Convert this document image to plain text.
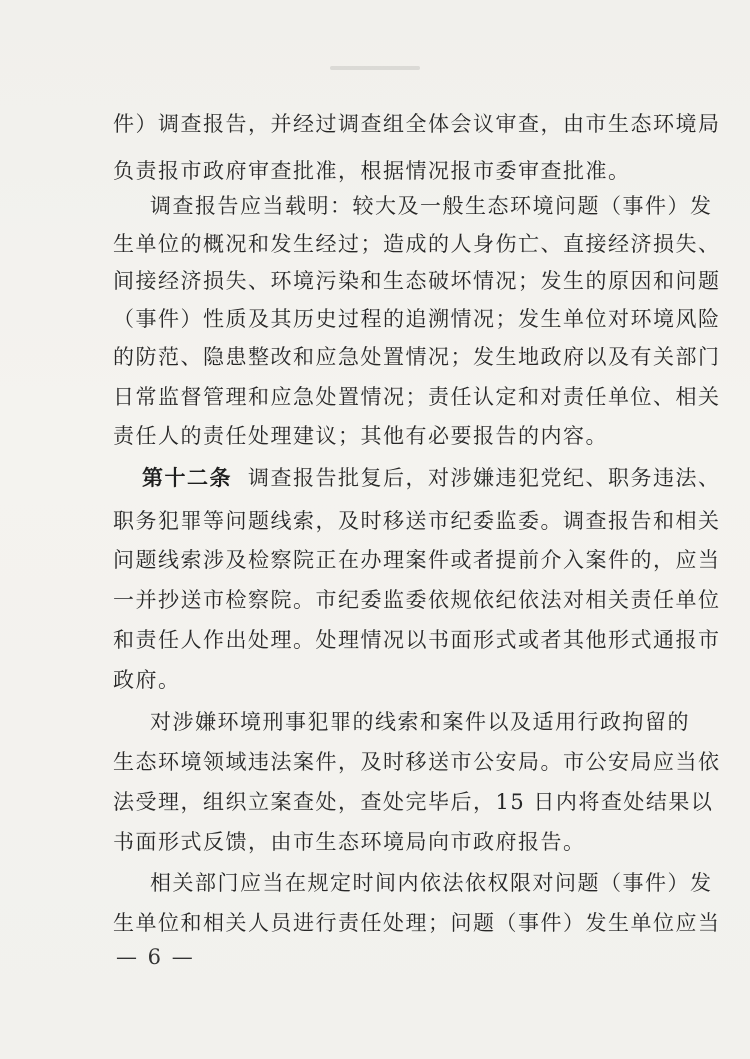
件）调查报告，并经过调查组全体会议审查，由市生态环境局
负责报市政府审查批准，根据情况报市委审查批准。
调查报告应当载明：较大及一般生态环境问题（事件）发
生单位的概况和发生经过；造成的人身伤亡、直接经济损失、
间接经济损失、环境污染和生态破坏情况；发生的原因和问题
（事件）性质及其历史过程的追溯情况；发生单位对环境风险
的防范、隐患整改和应急处置情况；发生地政府以及有关部门
日常监督管理和应急处置情况；责任认定和对责任单位、相关
责任人的责任处理建议；其他有必要报告的内容。
第十二条 调查报告批复后，对涉嫌违犯党纪、职务违法、
职务犯罪等问题线索，及时移送市纪委监委。调查报告和相关
问题线索涉及检察院正在办理案件或者提前介入案件的，应当
一并抄送市检察院。市纪委监委依规依纪依法对相关责任单位
和责任人作出处理。处理情况以书面形式或者其他形式通报市
政府。
对涉嫌环境刑事犯罪的线索和案件以及适用行政拘留的
生态环境领域违法案件，及时移送市公安局。市公安局应当依
法受理，组织立案查处，查处完毕后，15 日内将查处结果以
书面形式反馈，由市生态环境局向市政府报告。
相关部门应当在规定时间内依法依权限对问题（事件）发
生单位和相关人员进行责任处理；问题（事件）发生单位应当
— 6 —
